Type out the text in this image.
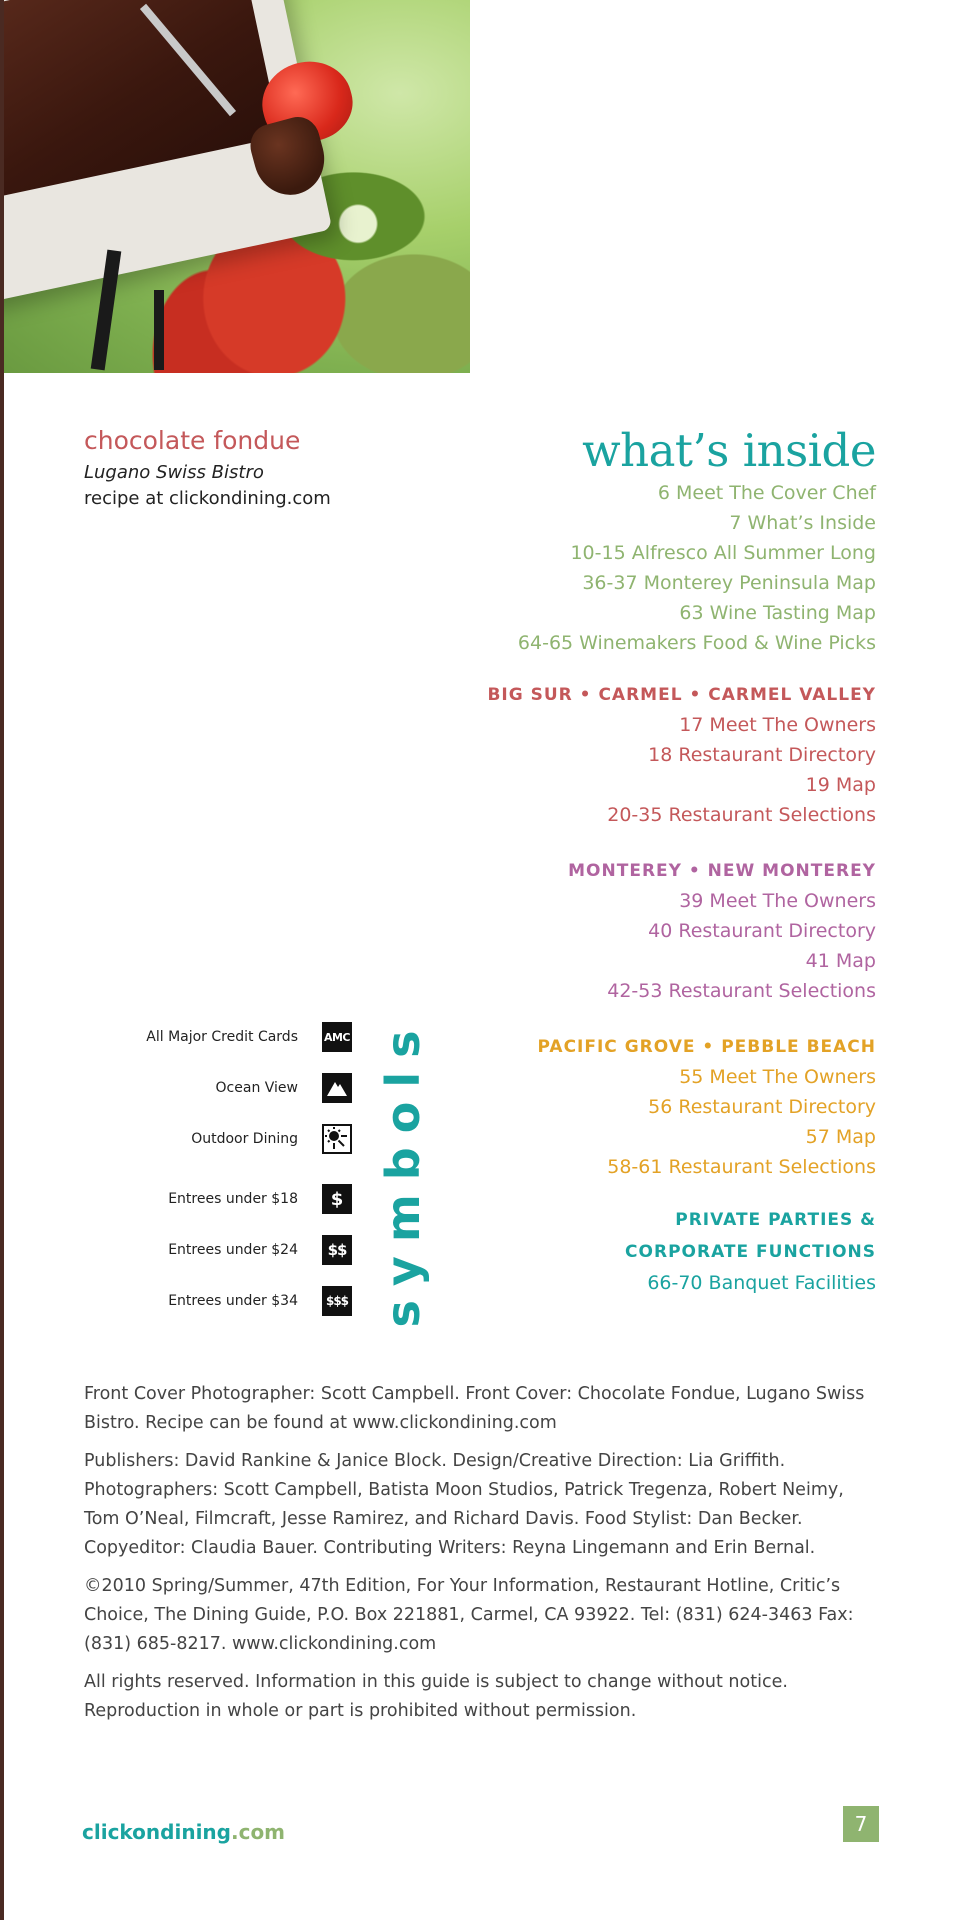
chocolate fondue
Lugano Swiss Bistro
recipe at clickondining.com
what’s inside
6 Meet The Cover Chef
7 What’s Inside
10-15 Alfresco All Summer Long
36-37 Monterey Peninsula Map
63 Wine Tasting Map
64-65 Winemakers Food & Wine Picks
BIG SUR • CARMEL • CARMEL VALLEY
17 Meet The Owners
18 Restaurant Directory
19 Map
20-35 Restaurant Selections
MONTEREY • NEW MONTEREY
39 Meet The Owners
40 Restaurant Directory
41 Map
42-53 Restaurant Selections
PACIFIC GROVE • PEBBLE BEACH
55 Meet The Owners
56 Restaurant Directory
57 Map
58-61 Restaurant Selections
PRIVATE PARTIES &
CORPORATE FUNCTIONS
66-70 Banquet Facilities
All Major Credit Cards AMC
Ocean View
Outdoor Dining
Entrees under $18	$
Entrees under $24	$$
Entrees under $34	$$$ symbols

Front Cover Photographer: Scott Campbell. Front Cover: Chocolate Fondue, Lugano Swiss Bistro. Recipe can be found at www.clickondining.com

Publishers: David Rankine & Janice Block. Design/Creative Direction: Lia Griffith. Photographers: Scott Campbell, Batista Moon Studios, Patrick Tregenza, Robert Neimy, Tom O’Neal, Filmcraft, Jesse Ramirez, and Richard Davis. Food Stylist: Dan Becker. Copyeditor: Claudia Bauer. Contributing Writers: Reyna Lingemann and Erin Bernal.

©2010 Spring/Summer, 47th Edition, For Your Information, Restaurant Hotline, Critic’s Choice, The Dining Guide, P.O. Box 221881, Carmel, CA 93922. Tel: (831) 624-3463 Fax: (831) 685-8217. www.clickondining.com

All rights reserved. Information in this guide is subject to change without notice. Reproduction in whole or part is prohibited without permission.

clickondining.com	7
